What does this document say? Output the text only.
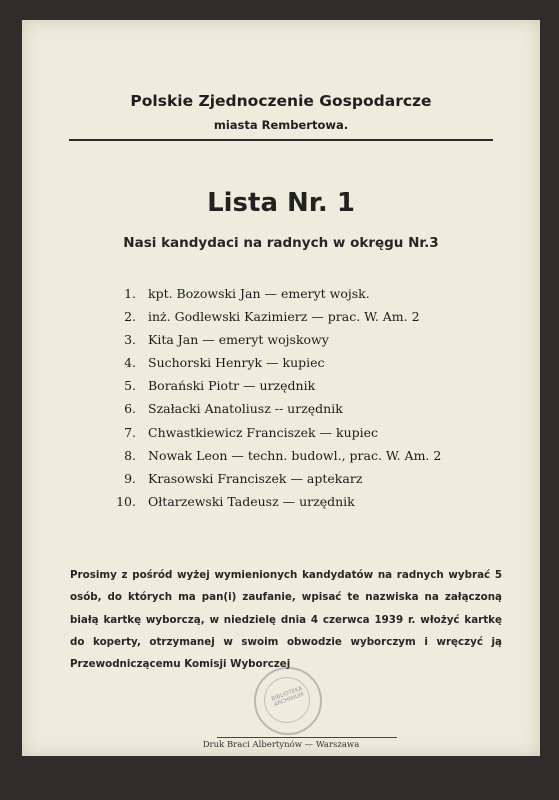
Polskie Zjednoczenie Gospodarcze
miasta Rembertowa.
Lista Nr. 1
Nasi kandydaci na radnych w okręgu Nr.3
1. kpt. Bozowski Jan — emeryt wojsk.
2. inż. Godlewski Kazimierz — prac. W. Am. 2
3. Kita Jan — emeryt wojskowy
4. Suchorski Henryk — kupiec
5. Borański Piotr — urzędnik
6. Szałacki Anatoliusz -- urzędnik
7. Chwastkiewicz Franciszek — kupiec
8. Nowak Leon — techn. budowl., prac. W. Am. 2
9. Krasowski Franciszek — aptekarz
10. Ołtarzewski Tadeusz — urzędnik
Prosimy z pośród wyżej wymienionych kandydatów na radnych wybrać 5 osób, do których ma pan(i) zaufanie, wpisać te nazwiska na załączoną białą kartkę wyborczą, w niedzielę dnia 4 czerwca 1939 r. włożyć kartkę do koperty, otrzymanej w swoim obwodzie wyborczym i wręczyć ją Przewodniczącemu Komisji Wyborczej
BIBLIOTEKA ARCHIWUM
Druk Braci Albertynów — Warszawa
